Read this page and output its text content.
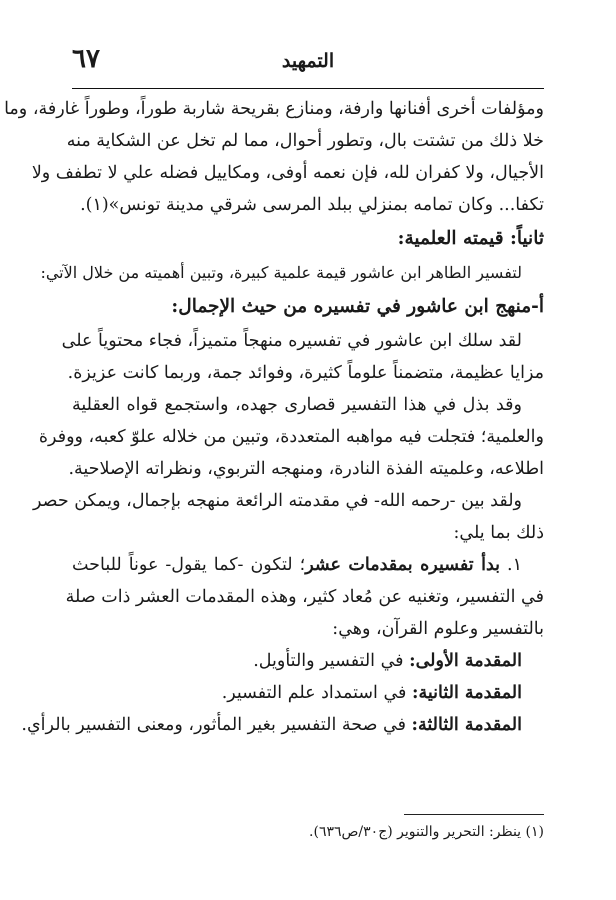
٦٧	التمهيد
ومؤلفات أخرى أفنانها وارفة، ومنازع بقريحة شاربة طوراً، وطوراً غارفة، وما
خلا ذلك من تشتت بال، وتطور أحوال، مما لم تخل عن الشكاية منه
الأجيال، ولا كفران لله، فإن نعمه أوفى، ومكاييل فضله علي لا تطفف ولا
تكفا... وكان تمامه بمنزلي ببلد المرسى شرقي مدينة تونس»(١).
ثانياً: قيمته العلمية:
لتفسير الطاهر ابن عاشور قيمة علمية كبيرة، وتبين أهميته من خلال الآتي:
أ-منهج ابن عاشور في تفسيره من حيث الإجمال:
لقد سلك ابن عاشور في تفسيره منهجاً متميزاً، فجاء محتوياً على
مزايا عظيمة، متضمناً علوماً كثيرة، وفوائد جمة، وربما كانت عزيزة.
وقد بذل في هذا التفسير قصارى جهده، واستجمع قواه العقلية
والعلمية؛ فتجلت فيه مواهبه المتعددة، وتبين من خلاله علوّ كعبه، ووفرة
اطلاعه، وعلميته الفذة النادرة، ومنهجه التربوي، ونظراته الإصلاحية.
ولقد بين -رحمه الله- في مقدمته الرائعة منهجه بإجمال، ويمكن حصر
ذلك بما يلي:
١. بدأ تفسيره بمقدمات عشر؛ لتكون -كما يقول- عوناً للباحث
في التفسير، وتغنيه عن مُعاد كثير، وهذه المقدمات العشر ذات صلة
بالتفسير وعلوم القرآن، وهي:
المقدمة الأولى: في التفسير والتأويل.
المقدمة الثانية: في استمداد علم التفسير.
المقدمة الثالثة: في صحة التفسير بغير المأثور، ومعنى التفسير بالرأي.
(١) ينظر: التحرير والتنوير (ج٣٠/ص٦٣٦).
